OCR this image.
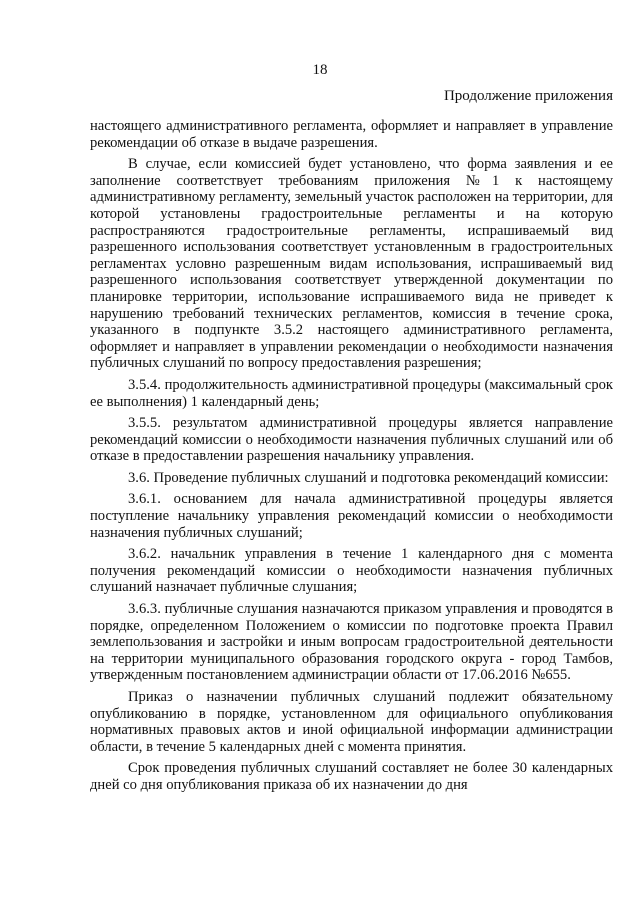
18
Продолжение приложения

настоящего административного регламента, оформляет и направляет в управление рекомендации об отказе в выдаче разрешения.

В случае, если комиссией будет установлено, что форма заявления и ее заполнение соответствует требованиям приложения №1 к настоящему административному регламенту, земельный участок расположен на территории, для которой установлены градостроительные регламенты и на которую распространяются градостроительные регламенты, испрашиваемый вид разрешенного использования соответствует установленным в градостроительных регламентах условно разрешенным видам использования, испрашиваемый вид разрешенного использования соответствует утвержденной документации по планировке территории, использование испрашиваемого вида не приведет к нарушению требований технических регламентов, комиссия в течение срока, указанного в подпункте 3.5.2 настоящего административного регламента, оформляет и направляет в управлении рекомендации о необходимости назначения публичных слушаний по вопросу предоставления разрешения;

3.5.4. продолжительность административной процедуры (максимальный срок ее выполнения) 1 календарный день;

3.5.5. результатом административной процедуры является направление рекомендаций комиссии о необходимости назначения публичных слушаний или об отказе в предоставлении разрешения начальнику управления.

3.6. Проведение публичных слушаний и подготовка рекомендаций комиссии:

3.6.1. основанием для начала административной процедуры является поступление начальнику управления рекомендаций комиссии о необходимости назначения публичных слушаний;

3.6.2. начальник управления в течение 1 календарного дня с момента получения рекомендаций комиссии о необходимости назначения публичных слушаний назначает публичные слушания;

3.6.3. публичные слушания назначаются приказом управления и проводятся в порядке, определенном Положением о комиссии по подготовке проекта Правил землепользования и застройки и иным вопросам градостроительной деятельности на территории муниципального образования городского округа - город Тамбов, утвержденным постановлением администрации области от 17.06.2016 №655.

Приказ о назначении публичных слушаний подлежит обязательному опубликованию в порядке, установленном для официального опубликования нормативных правовых актов и иной официальной информации администрации области, в течение 5 календарных дней с момента принятия.

Срок проведения публичных слушаний составляет не более 30 календарных дней со дня опубликования приказа об их назначении до дня
